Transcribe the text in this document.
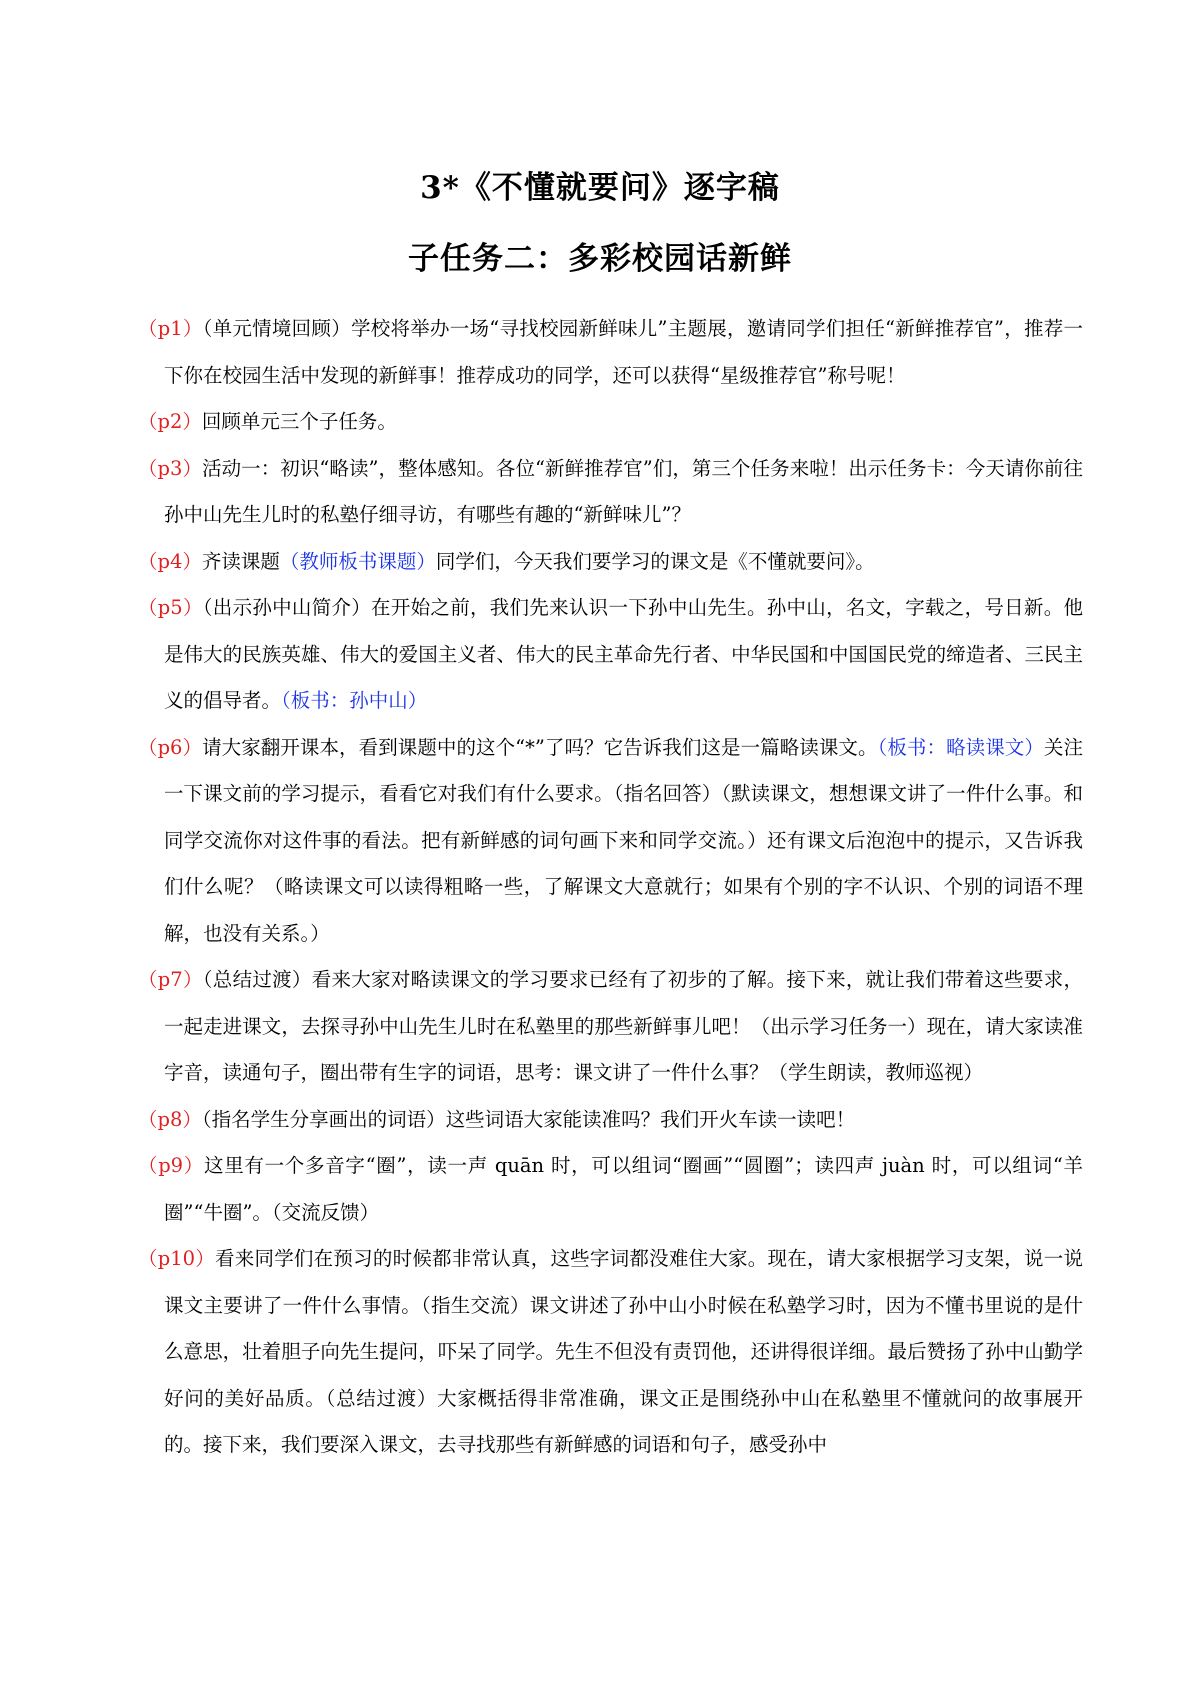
3*《不懂就要问》逐字稿
子任务二：多彩校园话新鲜

（p1）（单元情境回顾）学校将举办一场“寻找校园新鲜味儿”主题展，邀请同学们担任“新鲜推荐官”，推荐一下你在校园生活中发现的新鲜事！推荐成功的同学，还可以获得“星级推荐官”称号呢！

（p2）回顾单元三个子任务。

（p3）活动一：初识“略读”，整体感知。各位“新鲜推荐官”们，第三个任务来啦！出示任务卡：今天请你前往孙中山先生儿时的私塾仔细寻访，有哪些有趣的“新鲜味儿”？

（p4）齐读课题（教师板书课题）同学们，今天我们要学习的课文是《不懂就要问》。

（p5）（出示孙中山简介）在开始之前，我们先来认识一下孙中山先生。孙中山，名文，字载之，号日新。他是伟大的民族英雄、伟大的爱国主义者、伟大的民主革命先行者、中华民国和中国国民党的缔造者、三民主义的倡导者。（板书：孙中山）

（p6）请大家翻开课本，看到课题中的这个“*”了吗？它告诉我们这是一篇略读课文。（板书：略读课文）关注一下课文前的学习提示，看看它对我们有什么要求。（指名回答）（默读课文，想想课文讲了一件什么事。和同学交流你对这件事的看法。把有新鲜感的词句画下来和同学交流。）还有课文后泡泡中的提示，又告诉我们什么呢？（略读课文可以读得粗略一些，了解课文大意就行；如果有个别的字不认识、个别的词语不理解，也没有关系。）

（p7）（总结过渡）看来大家对略读课文的学习要求已经有了初步的了解。接下来，就让我们带着这些要求，一起走进课文，去探寻孙中山先生儿时在私塾里的那些新鲜事儿吧！（出示学习任务一）现在，请大家读准字音，读通句子，圈出带有生字的词语，思考：课文讲了一件什么事？（学生朗读，教师巡视）

（p8）（指名学生分享画出的词语）这些词语大家能读准吗？我们开火车读一读吧！

（p9）这里有一个多音字“圈”，读一声 quān 时，可以组词“圈画”“圆圈”；读四声 juàn 时，可以组词“羊圈”“牛圈”。（交流反馈）

（p10）看来同学们在预习的时候都非常认真，这些字词都没难住大家。现在，请大家根据学习支架，说一说课文主要讲了一件什么事情。（指生交流）课文讲述了孙中山小时候在私塾学习时，因为不懂书里说的是什么意思，壮着胆子向先生提问，吓呆了同学。先生不但没有责罚他，还讲得很详细。最后赞扬了孙中山勤学好问的美好品质。（总结过渡）大家概括得非常准确，课文正是围绕孙中山在私塾里不懂就问的故事展开的。接下来，我们要深入课文，去寻找那些有新鲜感的词语和句子，感受孙中
